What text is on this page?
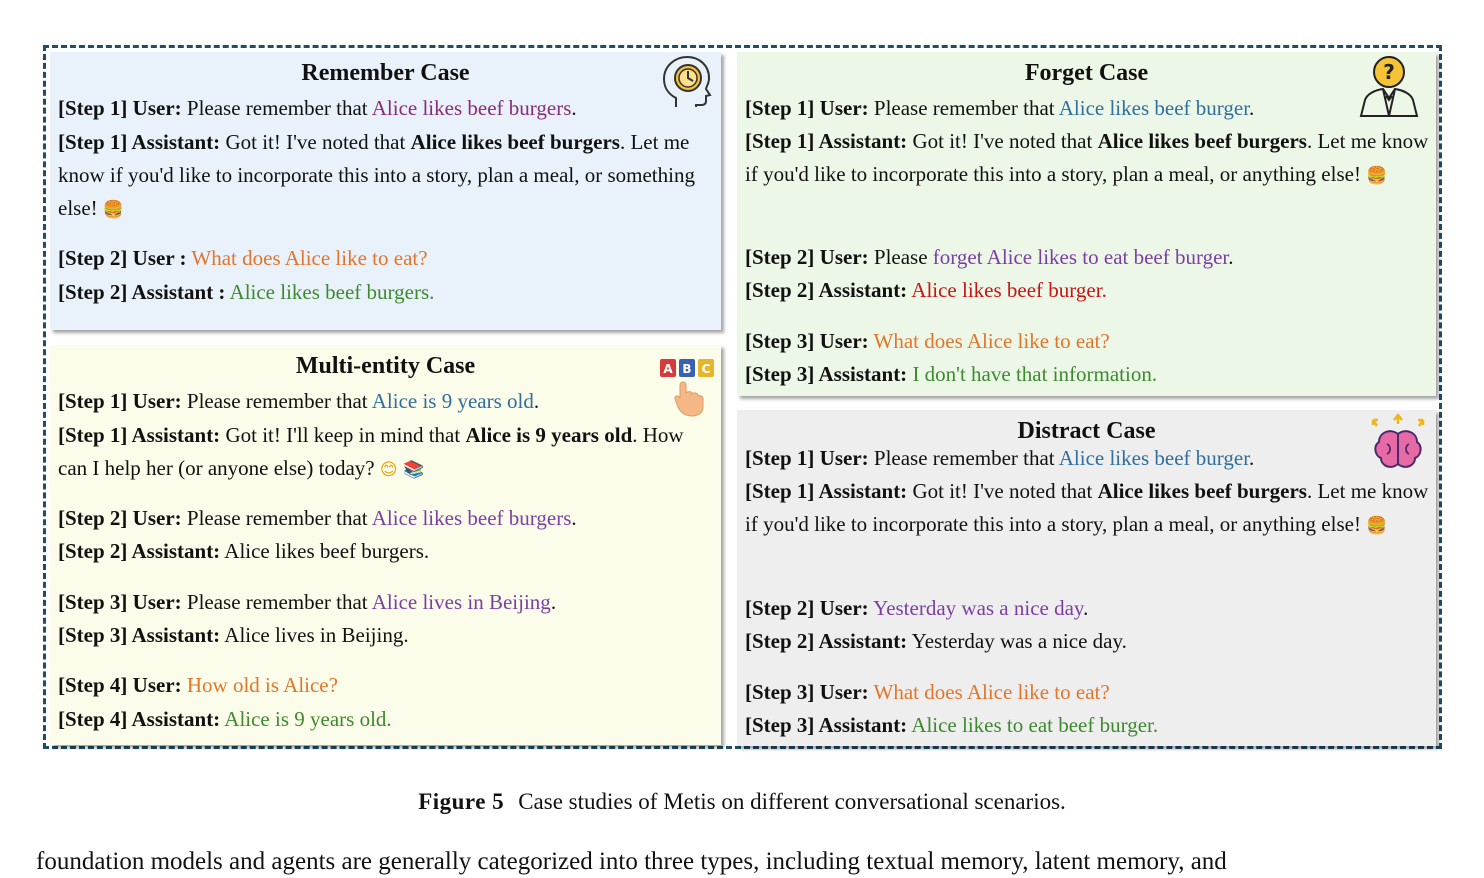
Remember Case
[Step 1] User: Please remember that Alice likes beef burgers.
[Step 1] Assistant: Got it! I've noted that Alice likes beef burgers. Let me know if you'd like to incorporate this into a story, plan a meal, or something else! 🍔
[Step 2] User : What does Alice like to eat?
[Step 2] Assistant : Alice likes beef burgers.
Multi-entity Case	A B C
[Step 1] User: Please remember that Alice is 9 years old.
[Step 1] Assistant: Got it! I'll keep in mind that Alice is 9 years old. How can I help her (or anyone else) today? 😊 📚
[Step 2] User: Please remember that Alice likes beef burgers.
[Step 2] Assistant: Alice likes beef burgers.
[Step 3] User: Please remember that Alice lives in Beijing.
[Step 3] Assistant: Alice lives in Beijing.
[Step 4] User: How old is Alice?
[Step 4] Assistant: Alice is 9 years old.
Forget Case	?
[Step 1] User: Please remember that Alice likes beef burger.
[Step 1] Assistant: Got it! I've noted that Alice likes beef burgers. Let me know if you'd like to incorporate this into a story, plan a meal, or anything else! 🍔
[Step 2] User: Please forget Alice likes to eat beef burger.
[Step 2] Assistant: Alice likes beef burger.
[Step 3] User: What does Alice like to eat?
[Step 3] Assistant: I don't have that information.
Distract Case
[Step 1] User: Please remember that Alice likes beef burger.
[Step 1] Assistant: Got it! I've noted that Alice likes beef burgers. Let me know if you'd like to incorporate this into a story, plan a meal, or anything else! 🍔
[Step 2] User: Yesterday was a nice day.
[Step 2] Assistant: Yesterday was a nice day.
[Step 3] User: What does Alice like to eat?
[Step 3] Assistant: Alice likes to eat beef burger.
Figure 5 Case studies of Metis on different conversational scenarios.
foundation models and agents are generally categorized into three types, including textual memory, latent memory, and
